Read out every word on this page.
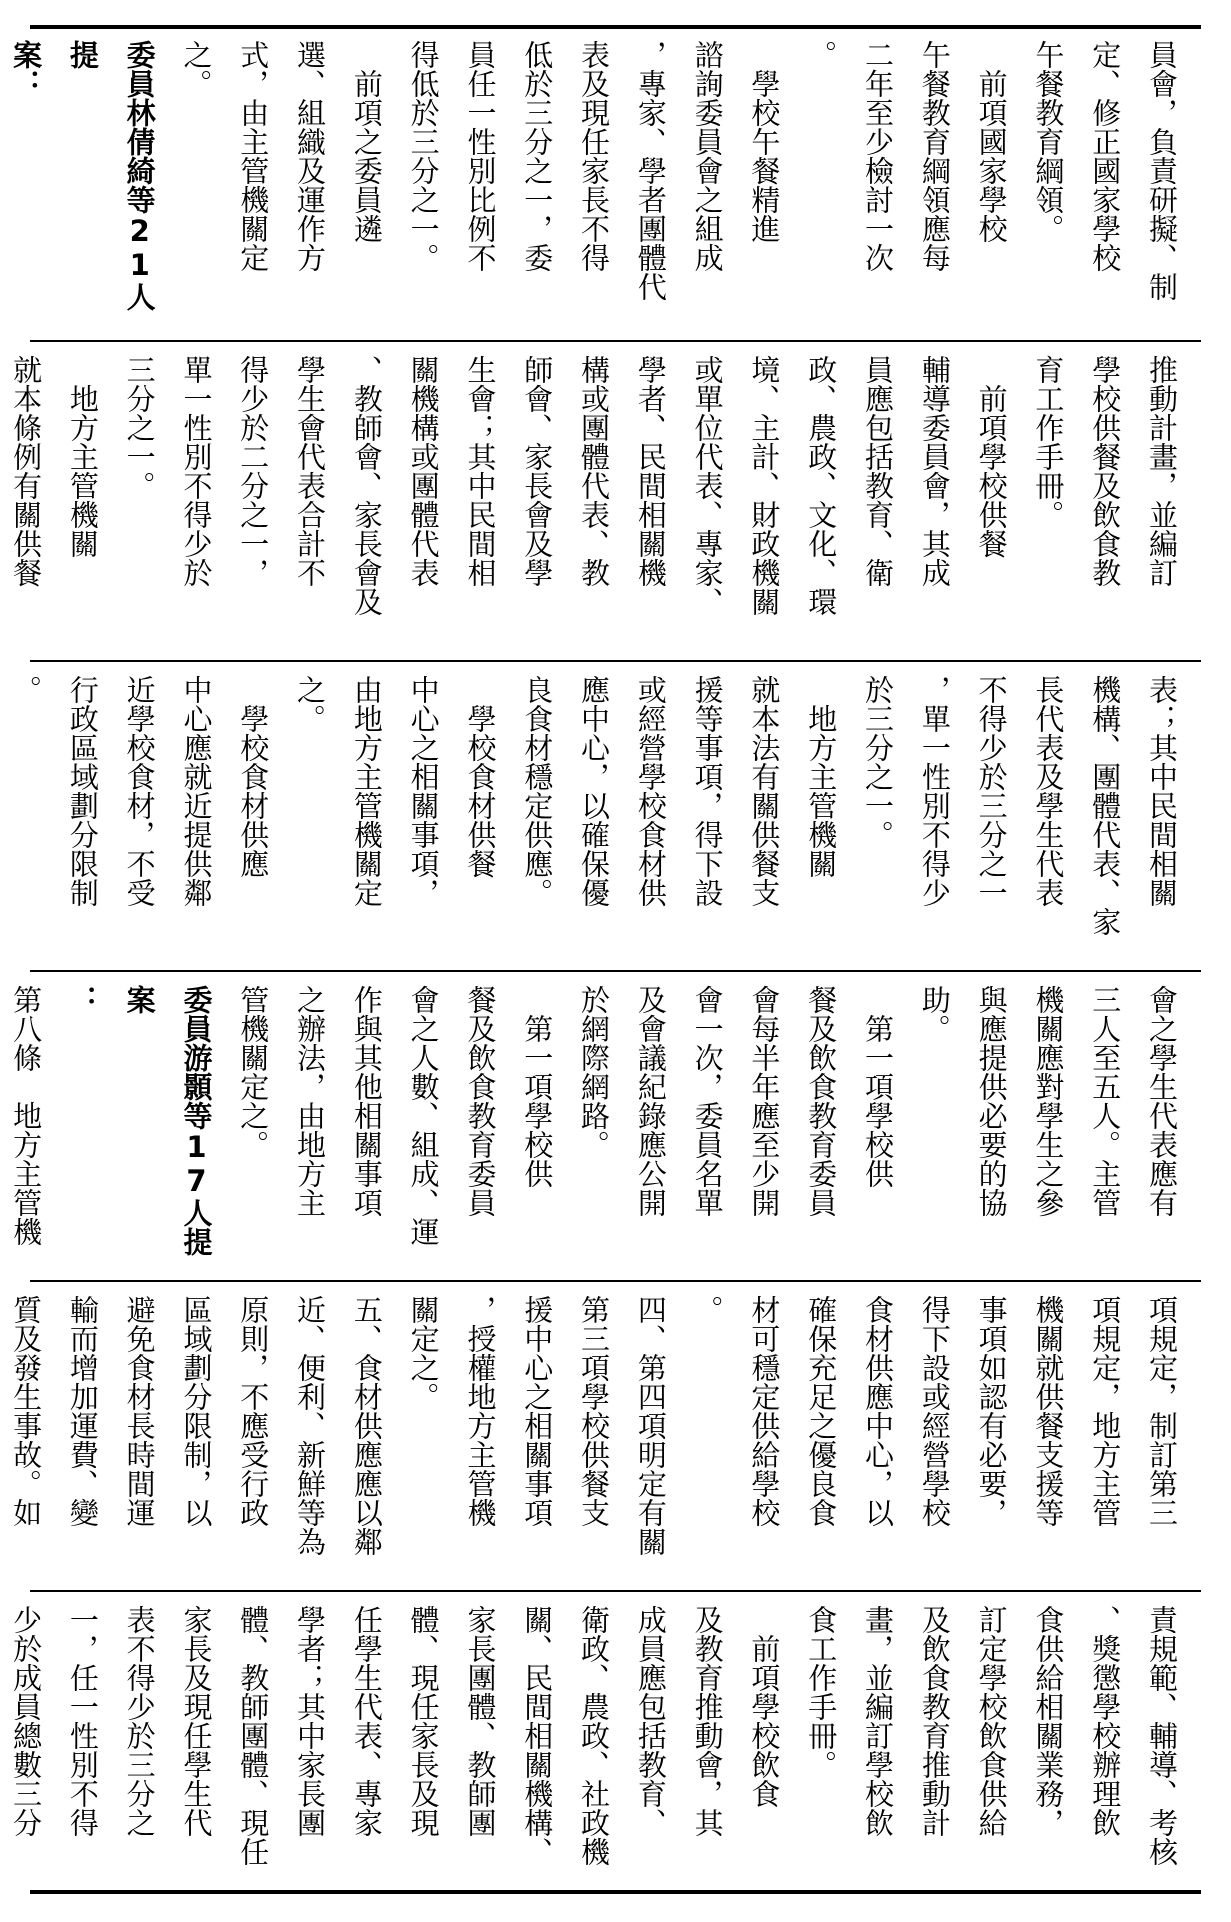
員會，負責研擬、制

定、修正國家學校

午餐教育綱領。

　前項國家學校

午餐教育綱領應每

二年至少檢討一次

。

　學校午餐精進

諮詢委員會之組成

，專家、學者團體代

表及現任家長不得

低於三分之一，委

員任一性別比例不

得低於三分之一。

　前項之委員遴

選、組織及運作方

式，由主管機關定

之。

委員林倩綺等21人提

案：

推動計畫，並編訂

學校供餐及飲食教

育工作手冊。

　前項學校供餐

輔導委員會，其成

員應包括教育、衛

政、農政、文化、環

境、主計、財政機關

或單位代表、專家、

學者、民間相關機

構或團體代表、教

師會、家長會及學

生會；其中民間相

關機構或團體代表

、教師會、家長會及

學生會代表合計不

得少於二分之一，

單一性別不得少於

三分之一。

　地方主管機關

就本條例有關供餐

表；其中民間相關

機構、團體代表、家

長代表及學生代表

不得少於三分之一

，單一性別不得少

於三分之一。

　地方主管機關

就本法有關供餐支

援等事項，得下設

或經營學校食材供

應中心，以確保優

良食材穩定供應。

　學校食材供餐

中心之相關事項，

由地方主管機關定

之。

　學校食材供應

中心應就近提供鄰

近學校食材，不受

行政區域劃分限制

。

會之學生代表應有

三人至五人。主管

機關應對學生之參

與應提供必要的協

助。

　第一項學校供

餐及飲食教育委員

會每半年應至少開

會一次，委員名單

及會議紀錄應公開

於網際網路。

　第一項學校供

餐及飲食教育委員

會之人數、組成、運

作與其他相關事項

之辦法，由地方主

管機關定之。

委員游顥等17人提案

：

第八條　地方主管機

項規定，制訂第三

項規定，地方主管

機關就供餐支援等

事項如認有必要，

得下設或經營學校

食材供應中心，以

確保充足之優良食

材可穩定供給學校

。

四、第四項明定有關

第三項學校供餐支

援中心之相關事項

，授權地方主管機

關定之。

五、食材供應應以鄰

近、便利、新鮮等為

原則，不應受行政

區域劃分限制，以

避免食材長時間運

輸而增加運費、變

質及發生事故。如

責規範、輔導、考核

、獎懲學校辦理飲

食供給相關業務，

訂定學校飲食供給

及飲食教育推動計

畫，並編訂學校飲

食工作手冊。

　前項學校飲食

及教育推動會，其

成員應包括教育、

衛政、農政、社政機

關、民間相關機構、

家長團體、教師團

體、現任家長及現

任學生代表、專家

學者；其中家長團

體、教師團體、現任

家長及現任學生代

表不得少於三分之

一，任一性別不得

少於成員總數三分
